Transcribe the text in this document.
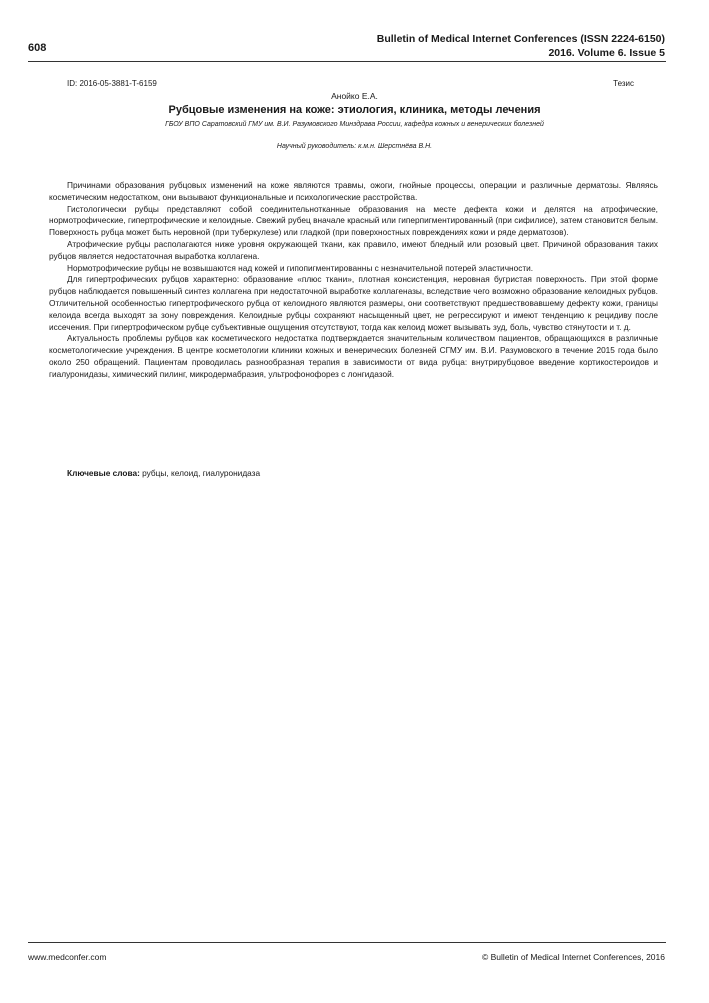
608
Bulletin of Medical Internet Conferences (ISSN 2224-6150)
2016. Volume 6. Issue 5
ID: 2016-05-3881-T-6159	Тезис
Анойко Е.А.
Рубцовые изменения на коже: этиология, клиника, методы лечения
ГБОУ ВПО Саратовский ГМУ им. В.И. Разумовского Минздрава России, кафедра кожных и венерических болезней
Научный руководитель: к.м.н. Шерстнёва В.Н.

Причинами образования рубцовых изменений на коже являются травмы, ожоги, гнойные процессы, операции и различные дерматозы. Являясь косметическим недостатком, они вызывают функциональные и психологические расстройства.

Гистологически рубцы представляют собой соединительнотканные образования на месте дефекта кожи и делятся на атрофические, нормотрофические, гипертрофические и келоидные. Свежий рубец вначале красный или гиперпигментированный (при сифилисе), затем становится белым. Поверхность рубца может быть неровной (при туберкулезе) или гладкой (при поверхностных повреждениях кожи и ряде дерматозов).

Атрофические рубцы располагаются ниже уровня окружающей ткани, как правило, имеют бледный или розовый цвет. Причиной образования таких рубцов является недостаточная выработка коллагена.

Нормотрофические рубцы не возвышаются над кожей и гипопигментированны с незначительной потерей эластичности.

Для гипертрофических рубцов характерно: образование «плюс ткани», плотная консистенция, неровная бугристая поверхность. При этой форме рубцов наблюдается повышенный синтез коллагена при недостаточной выработке коллагеназы, вследствие чего возможно образование келоидных рубцов. Отличительной особенностью гипертрофического рубца от келоидного являются размеры, они соответствуют предшествовавшему дефекту кожи, границы келоида всегда выходят за зону повреждения. Келоидные рубцы сохраняют насыщенный цвет, не регрессируют и имеют тенденцию к рецидиву после иссечения. При гипертрофическом рубце субъективные ощущения отсутствуют, тогда как келоид может вызывать зуд, боль, чувство стянутости и т. д.

Актуальность проблемы рубцов как косметического недостатка подтверждается значительным количеством пациентов, обращающихся в различные косметологические учреждения. В центре косметологии клиники кожных и венерических болезней СГМУ им. В.И. Разумовского в течение 2015 года было около 250 обращений. Пациентам проводилась разнообразная терапия в зависимости от вида рубца: внутрирубцовое введение кортикостероидов и гиалуронидазы, химический пилинг, микродермабразия, ультрофонофорез с лонгидазой.

Ключевые слова: рубцы, келоид, гиалуронидаза
www.medconfer.com	© Bulletin of Medical Internet Conferences, 2016
